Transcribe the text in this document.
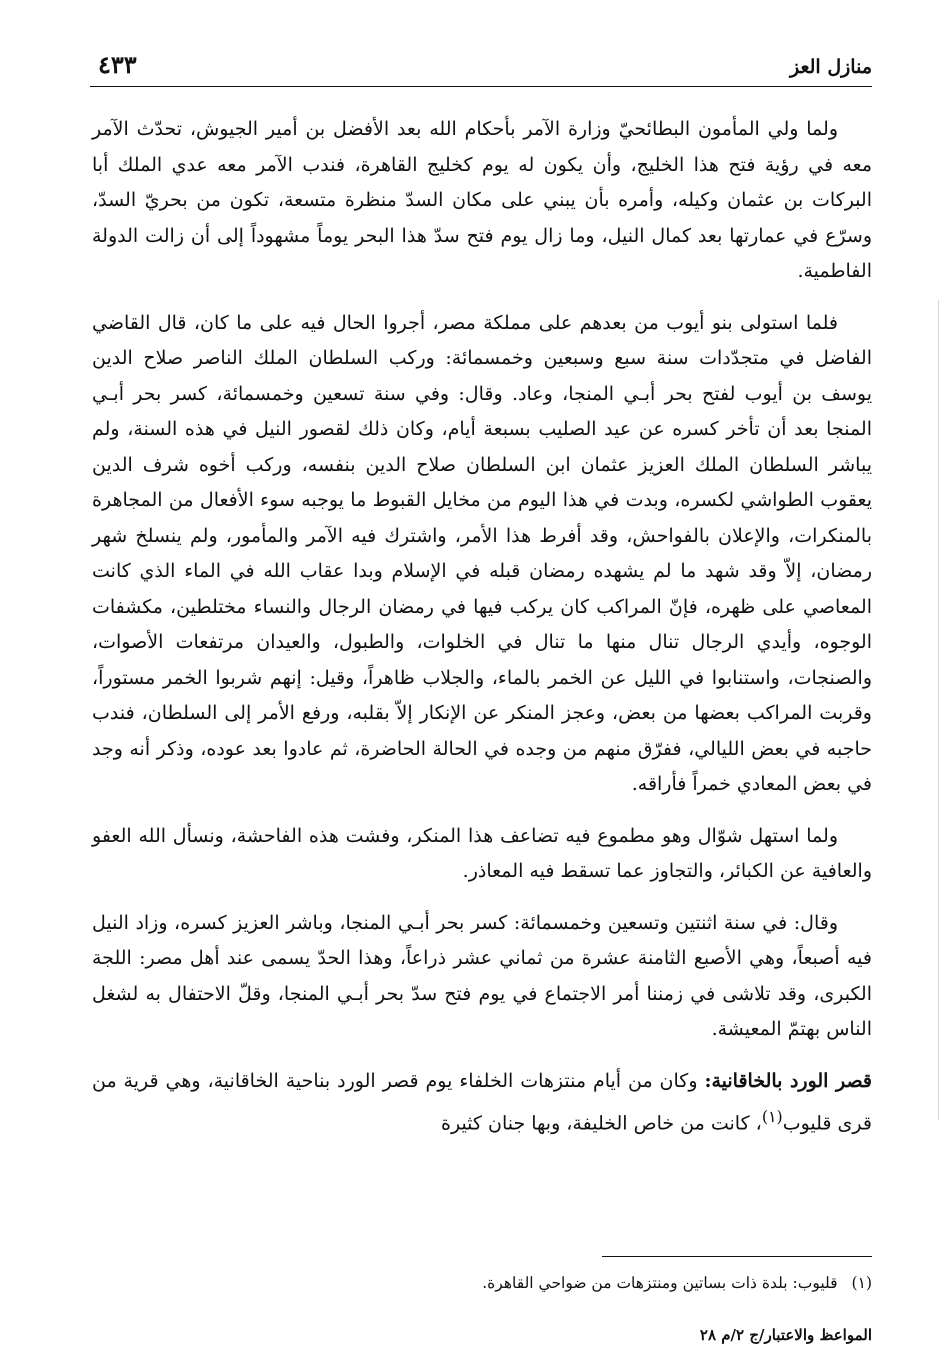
منازل العز
٤٣٣

ولما ولي المأمون البطائحيّ وزارة الآمر بأحكام الله بعد الأفضل بن أمير الجيوش، تحدّث الآمر معه في رؤية فتح هذا الخليج، وأن يكون له يوم كخليج القاهرة، فندب الآمر معه عدي الملك أبا البركات بن عثمان وكيله، وأمره بأن يبني على مكان السدّ منظرة متسعة، تكون من بحريّ السدّ، وسرّع في عمارتها بعد كمال النيل، وما زال يوم فتح سدّ هذا البحر يوماً مشهوداً إلى أن زالت الدولة الفاطمية.

فلما استولى بنو أيوب من بعدهم على مملكة مصر، أجروا الحال فيه على ما كان، قال القاضي الفاضل في متجدّدات سنة سبع وسبعين وخمسمائة: وركب السلطان الملك الناصر صلاح الدين يوسف بن أيوب لفتح بحر أبـي المنجا، وعاد. وقال: وفي سنة تسعين وخمسمائة، كسر بحر أبـي المنجا بعد أن تأخر كسره عن عيد الصليب بسبعة أيام، وكان ذلك لقصور النيل في هذه السنة، ولم يباشر السلطان الملك العزيز عثمان ابن السلطان صلاح الدين بنفسه، وركب أخوه شرف الدين يعقوب الطواشي لكسره، وبدت في هذا اليوم من مخايل القبوط ما يوجبه سوء الأفعال من المجاهرة بالمنكرات، والإعلان بالفواحش، وقد أفرط هذا الأمر، واشترك فيه الآمر والمأمور، ولم ينسلخ شهر رمضان، إلاّ وقد شهد ما لم يشهده رمضان قبله في الإسلام وبدا عقاب الله في الماء الذي كانت المعاصي على ظهره، فإنّ المراكب كان يركب فيها في رمضان الرجال والنساء مختلطين، مكشفات الوجوه، وأيدي الرجال تنال منها ما تنال في الخلوات، والطبول، والعيدان مرتفعات الأصوات، والصنجات، واستنابوا في الليل عن الخمر بالماء، والجلاب ظاهراً، وقيل: إنهم شربوا الخمر مستوراً، وقربت المراكب بعضها من بعض، وعجز المنكر عن الإنكار إلاّ بقلبه، ورفع الأمر إلى السلطان، فندب حاجبه في بعض الليالي، ففرّق منهم من وجده في الحالة الحاضرة، ثم عادوا بعد عوده، وذكر أنه وجد في بعض المعادي خمراً فأراقه.

ولما استهل شوّال وهو مطموع فيه تضاعف هذا المنكر، وفشت هذه الفاحشة، ونسأل الله العفو والعافية عن الكبائر، والتجاوز عما تسقط فيه المعاذر.

وقال: في سنة اثنتين وتسعين وخمسمائة: كسر بحر أبـي المنجا، وباشر العزيز كسره، وزاد النيل فيه أصبعاً، وهي الأصبع الثامنة عشرة من ثماني عشر ذراعاً، وهذا الحدّ يسمى عند أهل مصر: اللجة الكبرى، وقد تلاشى في زمننا أمر الاجتماع في يوم فتح سدّ بحر أبـي المنجا، وقلّ الاحتفال به لشغل الناس بهتمّ المعيشة.

قصر الورد بالخاقانية: وكان من أيام منتزهات الخلفاء يوم قصر الورد بناحية الخاقانية، وهي قرية من قرى قليوب$^{(١)}$، كانت من خاص الخليفة، وبها جنان كثيرة

(١)قليوب: بلدة ذات بساتين ومنتزهات من ضواحي القاهرة.
المواعظ والاعتبار/ج ٢/م ٢٨
